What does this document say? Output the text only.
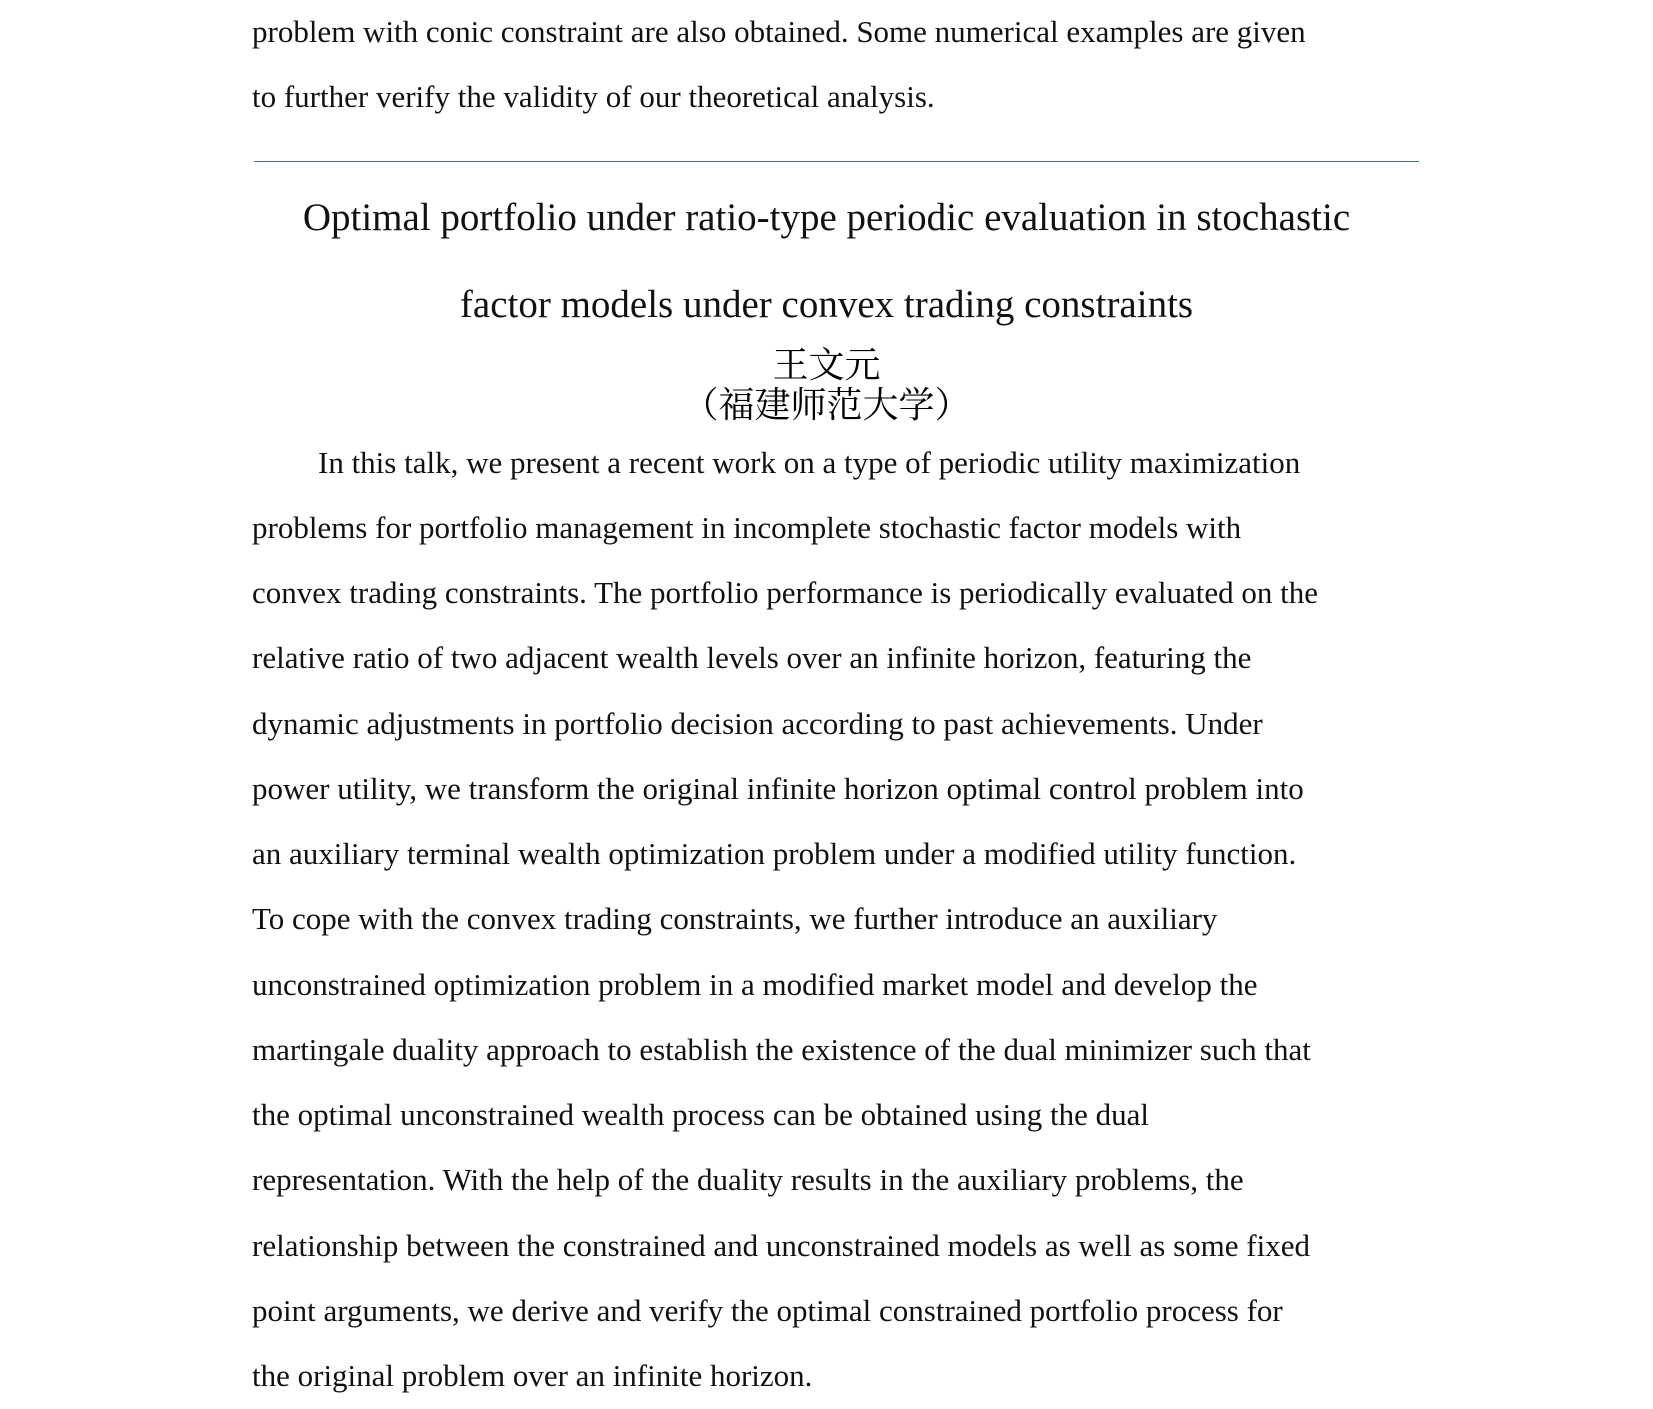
problem with conic constraint are also obtained. Some numerical examples are given
to further verify the validity of our theoretical analysis.
Optimal portfolio under ratio-type periodic evaluation in stochastic
factor models under convex trading constraints
王文元
（福建师范大学）
In this talk, we present a recent work on a type of periodic utility maximization
problems for portfolio management in incomplete stochastic factor models with
convex trading constraints. The portfolio performance is periodically evaluated on the
relative ratio of two adjacent wealth levels over an infinite horizon, featuring the
dynamic adjustments in portfolio decision according to past achievements. Under
power utility, we transform the original infinite horizon optimal control problem into
an auxiliary terminal wealth optimization problem under a modified utility function.
To cope with the convex trading constraints, we further introduce an auxiliary
unconstrained optimization problem in a modified market model and develop the
martingale duality approach to establish the existence of the dual minimizer such that
the optimal unconstrained wealth process can be obtained using the dual
representation. With the help of the duality results in the auxiliary problems, the
relationship between the constrained and unconstrained models as well as some fixed
point arguments, we derive and verify the optimal constrained portfolio process for
the original problem over an infinite horizon.
